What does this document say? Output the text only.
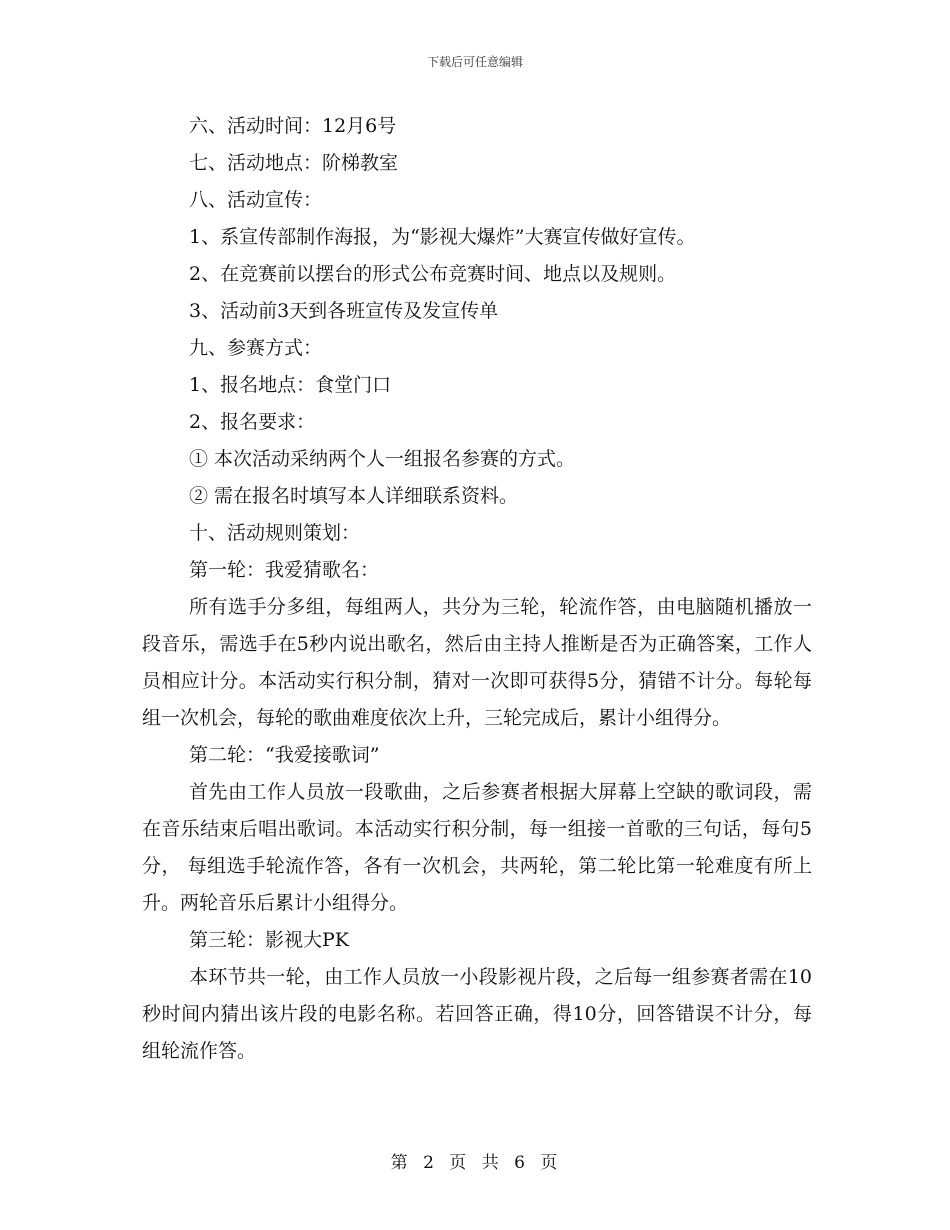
下载后可任意编辑
六、活动时间：12月6号
七、活动地点：阶梯教室
八、活动宣传：
1、系宣传部制作海报，为“影视大爆炸”大赛宣传做好宣传。
2、在竞赛前以摆台的形式公布竞赛时间、地点以及规则。
3、活动前3天到各班宣传及发宣传单
九、参赛方式：
1、报名地点：食堂门口
2、报名要求：
① 本次活动采纳两个人一组报名参赛的方式。
② 需在报名时填写本人详细联系资料。
十、活动规则策划：
第一轮：我爱猜歌名：
所有选手分多组，每组两人，共分为三轮，轮流作答，由电脑随机播放一段音乐，需选手在5秒内说出歌名，然后由主持人推断是否为正确答案，工作人员相应计分。本活动实行积分制，猜对一次即可获得5分，猜错不计分。每轮每组一次机会，每轮的歌曲难度依次上升，三轮完成后，累计小组得分。
第二轮：“我爱接歌词”
首先由工作人员放一段歌曲，之后参赛者根据大屏幕上空缺的歌词段，需在音乐结束后唱出歌词。本活动实行积分制，每一组接一首歌的三句话，每句5分， 每组选手轮流作答，各有一次机会，共两轮，第二轮比第一轮难度有所上升。两轮音乐后累计小组得分。
第三轮：影视大PK
本环节共一轮，由工作人员放一小段影视片段，之后每一组参赛者需在10秒时间内猜出该片段的电影名称。若回答正确，得10分，回答错误不计分，每组轮流作答。
第 2 页 共 6 页
